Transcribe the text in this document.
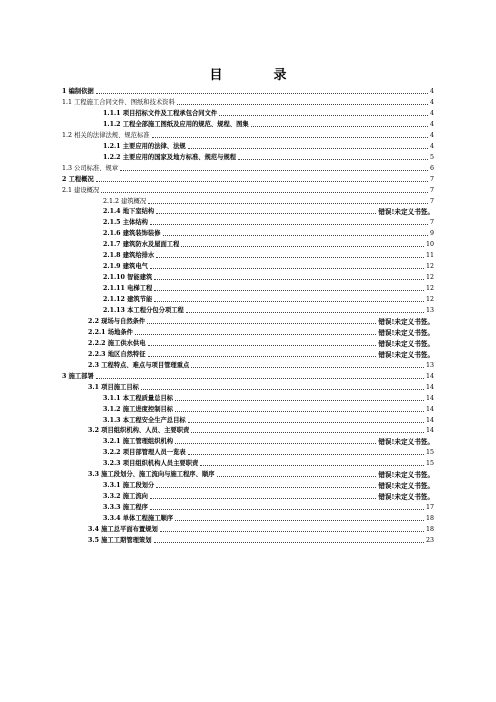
目	录
1 编制依据	4
1.1 工程施工合同文件、图纸和技术资料	4
1.1.1 项目招标文件及工程承包合同文件	4
1.1.2 工程全部施工图纸及应用的规范、规程、图集	4
1.2 相关的法律法规、规范标准	4
1.2.1 主要应用的法律、法规	4
1.2.2 主要应用的国家及地方标准、规范与规程	5
1.3 公司标准、规章	6
2 工程概况	7
2.1 建设概况	7
2.1.2 建筑概况	7
2.1.4 地下室结构	错误!未定义书签。
2.1.5 主体结构	7
2.1.6 建筑装饰装修	9
2.1.7 建筑防水及屋面工程	10
2.1.8 建筑给排水	11
2.1.9 建筑电气	12
2.1.10 智能建筑	12
2.1.11 电梯工程	12
2.1.12 建筑节能	12
2.1.13 本工程分包分项工程	13
2.2 现场与自然条件	错误!未定义书签。
2.2.1 场地条件	错误!未定义书签。
2.2.2 施工供水供电	错误!未定义书签。
2.2.3 地区自然特征	错误!未定义书签。
2.3 工程特点、难点与项目管理重点	13
3 施工部署	14
3.1 项目施工目标	14
3.1.1 本工程质量总目标	14
3.1.2 施工进度控制目标	14
3.1.3 本工程安全生产总目标	14
3.2 项目组织机构、人员、主要职责	14
3.2.1 施工管理组织机构	错误!未定义书签。
3.2.2 项目部管理人员一览表	15
3.2.3 项目组织机构人员主要职责	15
3.3 施工段划分、施工流向与施工程序、顺序	错误!未定义书签。
3.3.1 施工段划分	错误!未定义书签。
3.3.2 施工流向	错误!未定义书签。
3.3.3 施工程序	17
3.3.4 单体工程施工顺序	18
3.4 施工总平面布置规划	18
3.5 施工工期管理策划	23
